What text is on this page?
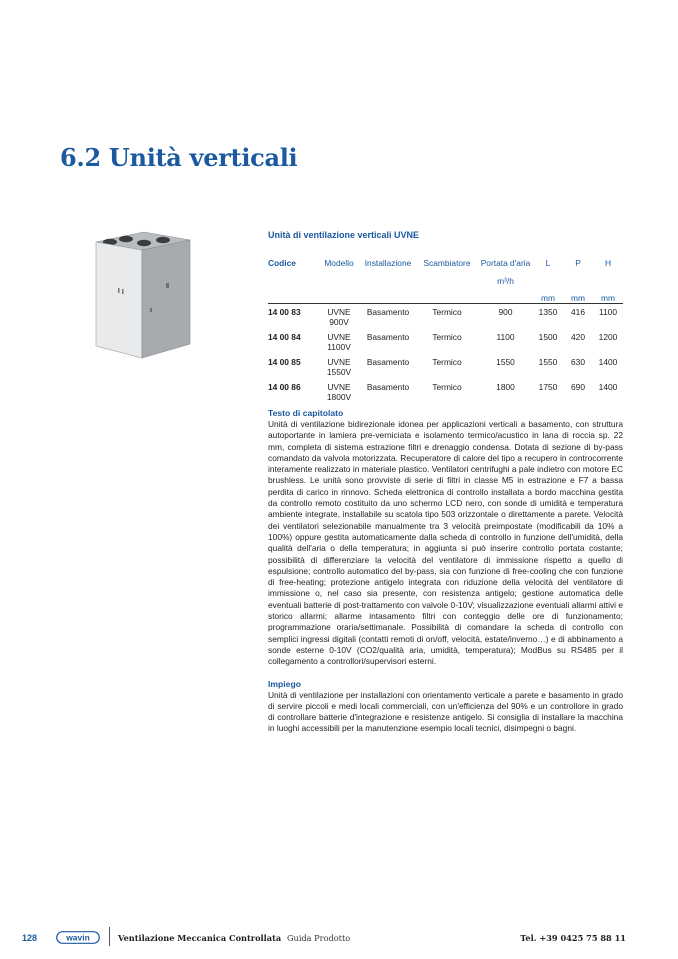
6.2 Unità verticali
Unità di ventilazione verticali UVNE
Codice	Modello	Installazione	Scambiatore	Portata d'aria	L	P	H
				m³/h			
					mm	mm	mm
14 00 83	UVNE 900V	Basamento	Termico	900	1350	416	1100
14 00 84	UVNE 1100V	Basamento	Termico	1100	1500	420	1200
14 00 85	UVNE 1550V	Basamento	Termico	1550	1550	630	1400
14 00 86	UVNE 1800V	Basamento	Termico	1800	1750	690	1400
Testo di capitolato

Unità di ventilazione bidirezionale idonea per applicazioni verticali a basamento, con struttura autoportante in lamiera pre-verniciata e isolamento termico/acustico in lana di roccia sp. 22 mm, completa di sistema estrazione filtri e drenaggio condensa. Dotata di sezione di by-pass comandato da valvola motorizzata. Recuperatore di calore del tipo a recupero in controcorrente interamente realizzato in materiale plastico. Ventilatori centrifughi a pale indietro con motore EC brushless. Le unità sono provviste di serie di filtri in classe M5 in estrazione e F7 a bassa perdita di carico in rinnovo. Scheda elettronica di controllo installata a bordo macchina gestita da controllo remoto costituito da uno schermo LCD nero, con sonde di umidità e temperatura ambiente integrate, installabile su scatola tipo 503 orizzontale o direttamente a parete. Velocità dei ventilatori selezionabile manualmente tra 3 velocità preimpostate (modificabili da 10% a 100%) oppure gestita automaticamente dalla scheda di controllo in funzione dell'umidità, della qualità dell'aria o della temperatura; in aggiunta si può inserire controllo portata costante; possibilità di differenziare la velocità del ventilatore di immissione rispetto a quello di espulsione; controllo automatico del by-pass, sia con funzione di free-cooling che con funzione di free-heating; protezione antigelo integrata con riduzione della velocità del ventilatore di immissione o, nel caso sia presente, con resistenza antigelo; gestione automatica delle eventuali batterie di post-trattamento con valvole 0-10V; visualizzazione eventuali allarmi attivi e storico allarmi; allarme intasamento filtri con conteggio delle ore di funzionamento; programmazione oraria/settimanale. Possibilità di comandare la scheda di controllo con semplici ingressi digitali (contatti remoti di on/off, velocità, estate/inverno…) e di abbinamento a sonde esterne 0-10V (CO2/qualità aria, umidità, temperatura); ModBus su RS485 per il collegamento a controllori/supervisori esterni.

Impiego

Unità di ventilazione per installazioni con orientamento verticale a parete e basamento in grado di servire piccoli e medi locali commerciali, con un'efficienza del 90% e un controllore in grado di controllare batterie d'integrazione e resistenze antigelo. Si consiglia di installare la macchina in luoghi accessibili per la manutenzione esempio locali tecnici, disimpegni o bagni.

128	wavin	Ventilazione Meccanica Controllata Guida Prodotto	Tel. +39 0425 75 88 11
